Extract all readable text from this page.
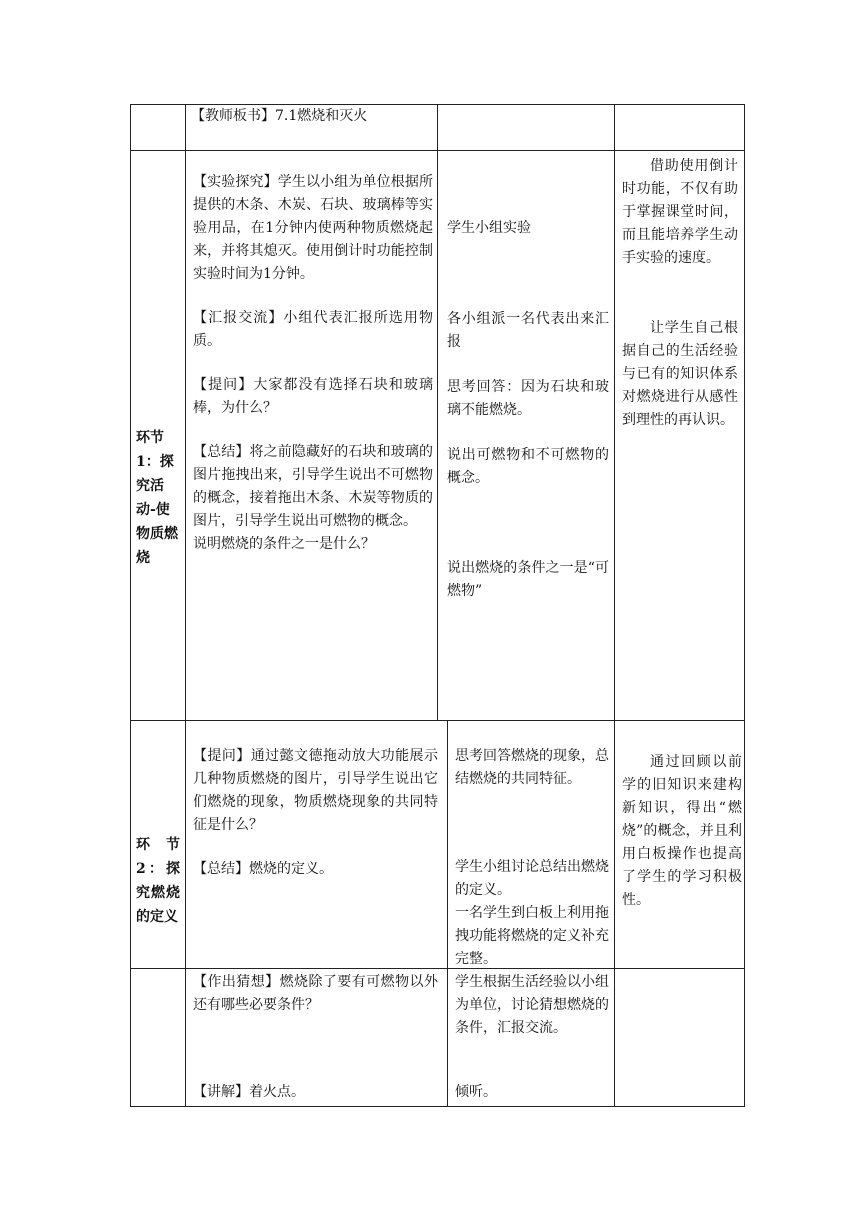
【教师板书】7.1燃烧和灭火

环节1：探究活动-使物质燃烧

【实验探究】学生以小组为单位根据所提供的木条、木炭、石块、玻璃棒等实验用品，在1分钟内使两种物质燃烧起来，并将其熄灭。使用倒计时功能控制实验时间为1分钟。

【汇报交流】小组代表汇报所选用物质。

【提问】大家都没有选择石块和玻璃棒，为什么？

【总结】将之前隐藏好的石块和玻璃的图片拖拽出来，引导学生说出不可燃物的概念，接着拖出木条、木炭等物质的图片，引导学生说出可燃物的概念。

说明燃烧的条件之一是什么？

学生小组实验

各小组派一名代表出来汇报

思考回答：因为石块和玻璃不能燃烧。

说出可燃物和不可燃物的概念。

说出燃烧的条件之一是“可燃物”

借助使用倒计时功能，不仅有助于掌握课堂时间，而且能培养学生动手实验的速度。

让学生自己根据自己的生活经验与已有的知识体系对燃烧进行从感性到理性的再认识。

环节2：探究燃烧的定义

【提问】通过懿文德拖动放大功能展示几种物质燃烧的图片，引导学生说出它们燃烧的现象，物质燃烧现象的共同特征是什么？

【总结】燃烧的定义。

思考回答燃烧的现象，总结燃烧的共同特征。

学生小组讨论总结出燃烧的定义。

一名学生到白板上利用拖拽功能将燃烧的定义补充完整。

通过回顾以前学的旧知识来建构新知识，得出“燃烧”的概念，并且利用白板操作也提高了学生的学习积极性。

【作出猜想】燃烧除了要有可燃物以外还有哪些必要条件？

【讲解】着火点。

学生根据生活经验以小组为单位，讨论猜想燃烧的条件，汇报交流。

倾听。
